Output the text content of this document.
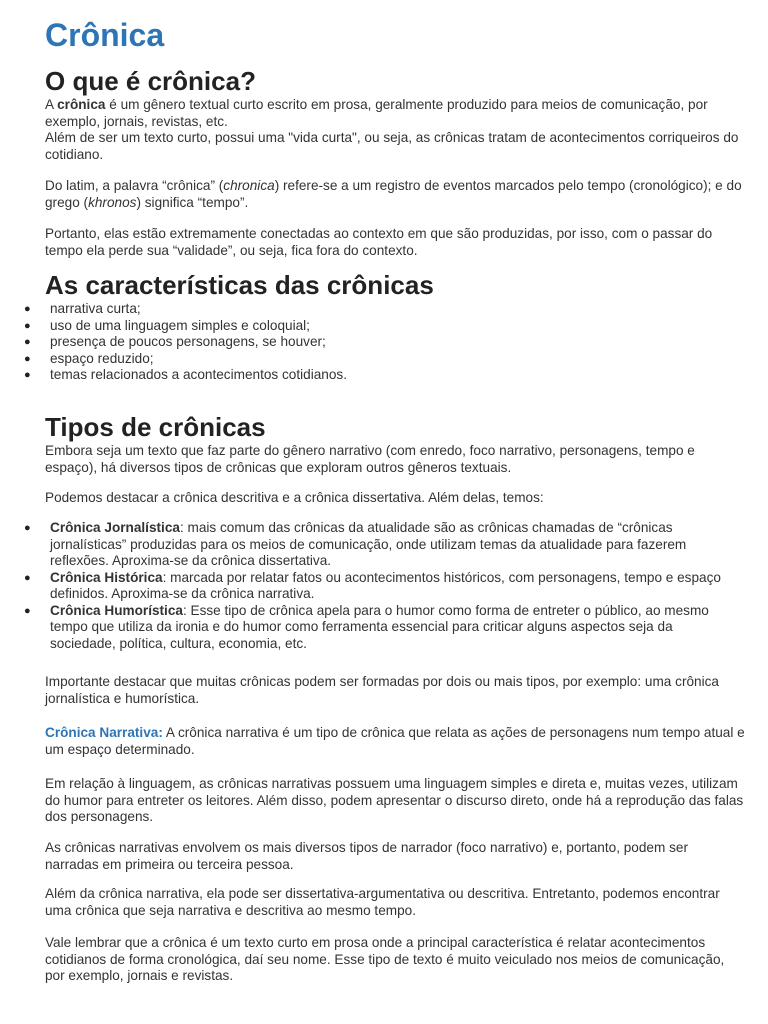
Crônica
O que é crônica?

A crônica é um gênero textual curto escrito em prosa, geralmente produzido para meios de comunicação, por exemplo, jornais, revistas, etc.
Além de ser um texto curto, possui uma "vida curta", ou seja, as crônicas tratam de acontecimentos corriqueiros do cotidiano.

Do latim, a palavra “crônica” (chronica) refere-se a um registro de eventos marcados pelo tempo (cronológico); e do grego (khronos) significa “tempo”.

Portanto, elas estão extremamente conectadas ao contexto em que são produzidas, por isso, com o passar do tempo ela perde sua “validade”, ou seja, fica fora do contexto.

As características das crônicas
● narrativa curta;
● uso de uma linguagem simples e coloquial;
● presença de poucos personagens, se houver;
● espaço reduzido;
● temas relacionados a acontecimentos cotidianos.
Tipos de crônicas

Embora seja um texto que faz parte do gênero narrativo (com enredo, foco narrativo, personagens, tempo e espaço), há diversos tipos de crônicas que exploram outros gêneros textuais.

Podemos destacar a crônica descritiva e a crônica dissertativa. Além delas, temos:

● Crônica Jornalística: mais comum das crônicas da atualidade são as crônicas chamadas de “crônicas jornalísticas” produzidas para os meios de comunicação, onde utilizam temas da atualidade para fazerem reflexões. Aproxima-se da crônica dissertativa.
● Crônica Histórica: marcada por relatar fatos ou acontecimentos históricos, com personagens, tempo e espaço definidos. Aproxima-se da crônica narrativa.
● Crônica Humorística: Esse tipo de crônica apela para o humor como forma de entreter o público, ao mesmo tempo que utiliza da ironia e do humor como ferramenta essencial para criticar alguns aspectos seja da sociedade, política, cultura, economia, etc.

Importante destacar que muitas crônicas podem ser formadas por dois ou mais tipos, por exemplo: uma crônica jornalística e humorística.

Crônica Narrativa: A crônica narrativa é um tipo de crônica que relata as ações de personagens num tempo atual e um espaço determinado.

Em relação à linguagem, as crônicas narrativas possuem uma linguagem simples e direta e, muitas vezes, utilizam do humor para entreter os leitores. Além disso, podem apresentar o discurso direto, onde há a reprodução das falas dos personagens.

As crônicas narrativas envolvem os mais diversos tipos de narrador (foco narrativo) e, portanto, podem ser narradas em primeira ou terceira pessoa.

Além da crônica narrativa, ela pode ser dissertativa-argumentativa ou descritiva. Entretanto, podemos encontrar uma crônica que seja narrativa e descritiva ao mesmo tempo.

Vale lembrar que a crônica é um texto curto em prosa onde a principal característica é relatar acontecimentos cotidianos de forma cronológica, daí seu nome. Esse tipo de texto é muito veiculado nos meios de comunicação, por exemplo, jornais e revistas.
